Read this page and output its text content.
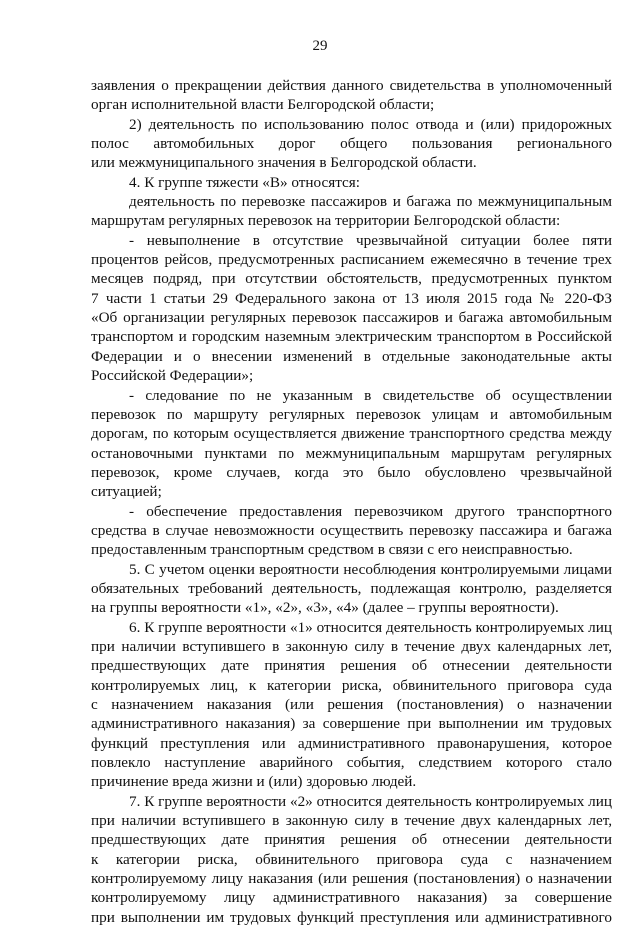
29
заявления о прекращении действия данного свидетельства в уполномоченный
орган исполнительной власти Белгородской области;
2) деятельность по использованию полос отвода и (или) придорожных
полос автомобильных дорог общего пользования регионального
или межмуниципального значения в Белгородской области.
4. К группе тяжести «В» относятся:
деятельность по перевозке пассажиров и багажа по межмуниципальным
маршрутам регулярных перевозок на территории Белгородской области:
- невыполнение в отсутствие чрезвычайной ситуации более пяти
процентов рейсов, предусмотренных расписанием ежемесячно в течение трех
месяцев подряд, при отсутствии обстоятельств, предусмотренных пунктом
7 части 1 статьи 29 Федерального закона от 13 июля 2015 года № 220-ФЗ
«Об организации регулярных перевозок пассажиров и багажа автомобильным
транспортом и городским наземным электрическим транспортом в Российской
Федерации и о внесении изменений в отдельные законодательные акты
Российской Федерации»;
- следование по не указанным в свидетельстве об осуществлении
перевозок по маршруту регулярных перевозок улицам и автомобильным
дорогам, по которым осуществляется движение транспортного средства между
остановочными пунктами по межмуниципальным маршрутам регулярных
перевозок, кроме случаев, когда это было обусловлено чрезвычайной
ситуацией;
- обеспечение предоставления перевозчиком другого транспортного
средства в случае невозможности осуществить перевозку пассажира и багажа
предоставленным транспортным средством в связи с его неисправностью.
5. С учетом оценки вероятности несоблюдения контролируемыми лицами
обязательных требований деятельность, подлежащая контролю, разделяется
на группы вероятности «1», «2», «3», «4» (далее – группы вероятности).
6. К группе вероятности «1» относится деятельность контролируемых лиц
при наличии вступившего в законную силу в течение двух календарных лет,
предшествующих дате принятия решения об отнесении деятельности
контролируемых лиц, к категории риска, обвинительного приговора суда
с назначением наказания (или решения (постановления) о назначении
административного наказания) за совершение при выполнении им трудовых
функций преступления или административного правонарушения, которое
повлекло наступление аварийного события, следствием которого стало
причинение вреда жизни и (или) здоровью людей.
7. К группе вероятности «2» относится деятельность контролируемых лиц
при наличии вступившего в законную силу в течение двух календарных лет,
предшествующих дате принятия решения об отнесении деятельности
к категории риска, обвинительного приговора суда с назначением
контролируемому лицу наказания (или решения (постановления) о назначении
контролируемому лицу административного наказания) за совершение
при выполнении им трудовых функций преступления или административного
